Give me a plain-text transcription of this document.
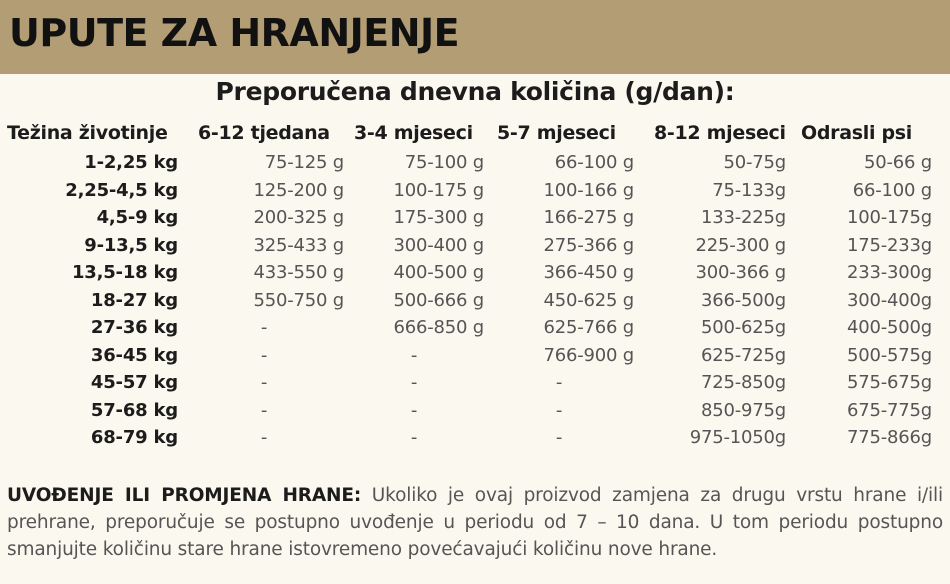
UPUTE ZA HRANJENJE
Preporučena dnevna količina (g/dan):
Težina životinje	6-12 tjedana	3-4 mjeseci	5-7 mjeseci	8-12 mjeseci	Odrasli psi
1-2,25 kg	75-125 g	75-100 g	66-100 g	50-75g	50-66 g
2,25-4,5 kg	125-200 g	100-175 g	100-166 g	75-133g	66-100 g
4,5-9 kg	200-325 g	175-300 g	166-275 g	133-225g	100-175g
9-13,5 kg	325-433 g	300-400 g	275-366 g	225-300 g	175-233g
13,5-18 kg	433-550 g	400-500 g	366-450 g	300-366 g	233-300g
18-27 kg	550-750 g	500-666 g	450-625 g	366-500g	300-400g
27-36 kg	-	666-850 g	625-766 g	500-625g	400-500g
36-45 kg	-	-	766-900 g	625-725g	500-575g
45-57 kg	-	-	-	725-850g	575-675g
57-68 kg	-	-	-	850-975g	675-775g
68-79 kg	-	-	-	975-1050g	775-866g
UVOĐENJE ILI PROMJENA HRANE: Ukoliko je ovaj proizvod zamjena za drugu vrstu hrane i/ili prehrane, preporučuje se postupno uvođenje u periodu od 7 – 10 dana. U tom periodu postupno smanjujte količinu stare hrane istovremeno povećavajući količinu nove hrane.
